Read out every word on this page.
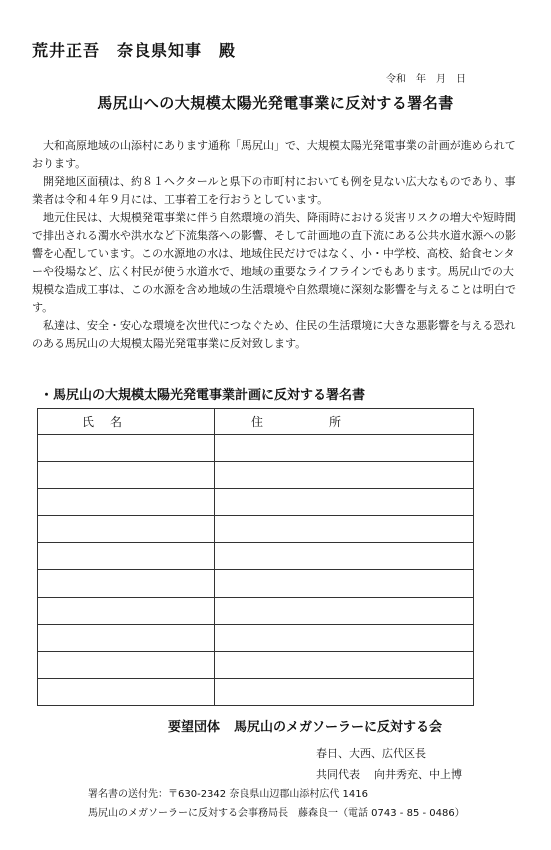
荒井正吾　奈良県知事　殿
令和　年　月　日
馬尻山への大規模太陽光発電事業に反対する署名書

大和高原地域の山添村にあります通称「馬尻山」で、大規模太陽光発電事業の計画が進められております。

開発地区面積は、約８１ヘクタールと県下の市町村においても例を見ない広大なものであり、事業者は令和４年９月には、工事着工を行おうとしています。

地元住民は、大規模発電事業に伴う自然環境の消失、降雨時における災害リスクの増大や短時間で排出される濁水や洪水など下流集落への影響、そして計画地の直下流にある公共水道水源への影響を心配しています。この水源地の水は、地域住民だけではなく、小・中学校、高校、給食センターや役場など、広く村民が使う水道水で、地域の重要なライフラインでもあります。馬尻山での大規模な造成工事は、この水源を含め地域の生活環境や自然環境に深刻な影響を与えることは明白です。

私達は、安全・安心な環境を次世代につなぐため、住民の生活環境に大きな悪影響を与える恐れのある馬尻山の大規模太陽光発電事業に反対致します。

・馬尻山の大規模太陽光発電事業計画に反対する署名書
氏名	住所

要望団体 馬尻山のメガソーラーに反対する会
春日、大西、広代区長
共同代表 向井秀充、中上博
署名書の送付先：〒630-2342 奈良県山辺郡山添村広代 1416
馬尻山のメガソーラーに反対する会事務局長　藤森良一（電話 0743 - 85 - 0486）
